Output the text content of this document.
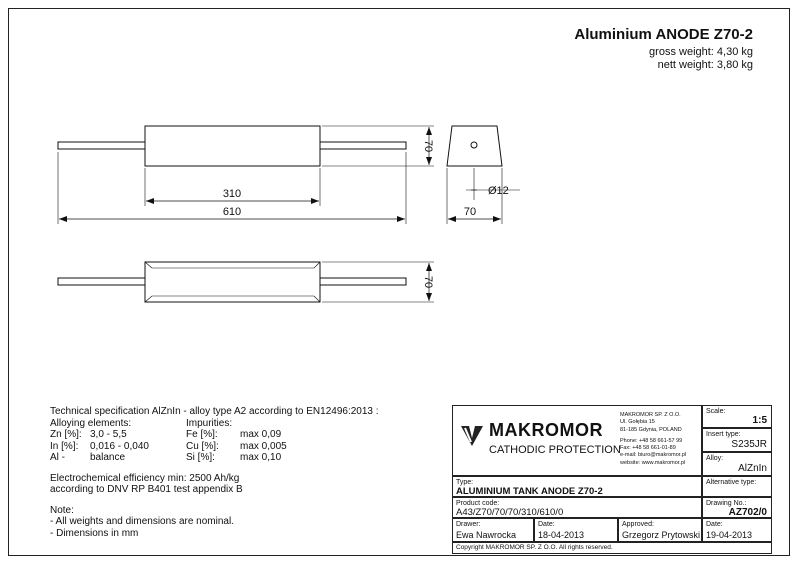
Aluminium ANODE Z70-2
gross weight: 4,30 kg
nett weight: 3,80 kg
70
310
610
Ø12
70
70
Technical specification AlZnIn - alloy type A2 according to EN12496:2013 :
Alloying elements:	Impurities:
Zn [%]: 3,0 - 5,5	Fe [%]:	max 0,09
In [%]:	0,016 - 0,040	Cu [%]:	max 0,005
Al -	balance	Si [%]:	max 0,10
Electrochemical efficiency min: 2500 Ah/kg
according to DNV RP B401 test appendix B
Note:
- All weights and dimensions are nominal.
- Dimensions in mm
MAKROMOR
CATHODIC PROTECTION
MAKROMOR SP. Z O.O.
Ul. Gołębia 15
81-185 Gdynia, POLAND
Phone: +48 58 661-57 99
Fax: +48 58 661-01-89
e-mail: biuro@makromor.pl
website: www.makromor.pl
Scale:
1:5
Insert type:
S235JR
Alloy:
AlZnIn
Type:
ALUMINIUM TANK ANODE Z70-2
Alternative type:
Product code:
A43/Z70/70/70/310/610/0
Drawing No.:
AZ702/0
Drawer:
Ewa Nawrocka
Date:
18-04-2013
Approved:
Grzegorz Prytowski
Date:
19-04-2013
Copyright MAKROMOR SP. Z O.O. All rights reserved.
